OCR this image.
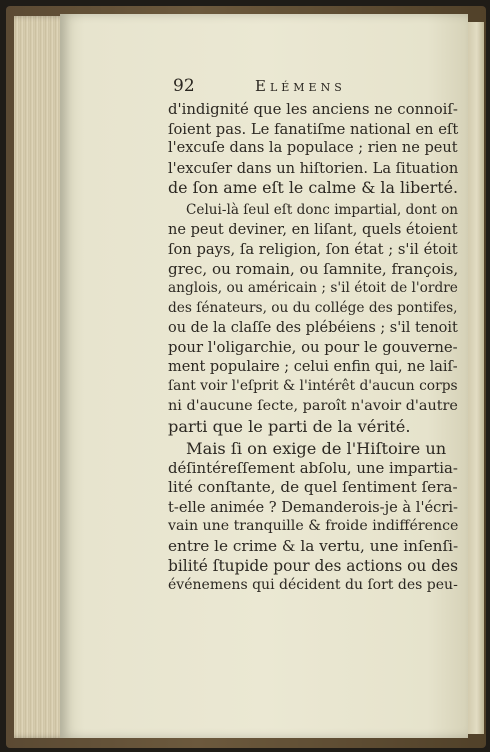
92	Elémens
d'indignité que les anciens ne connoiſ-
ſoient pas. Le fanatiſme national en eſt
l'excuſe dans la populace ; rien ne peut
l'excuſer dans un hiſtorien. La ſituation
de ſon ame eſt le calme & la liberté.
Celui-là ſeul eſt donc impartial, dont on
ne peut deviner, en liſant, quels étoient
ſon pays, ſa religion, ſon état ; s'il étoit
grec, ou romain, ou ſamnite, françois,
anglois, ou américain ; s'il étoit de l'ordre
des ſénateurs, ou du collége des pontifes,
ou de la claſſe des plébéiens ; s'il tenoit
pour l'oligarchie, ou pour le gouverne-
ment populaire ; celui enfin qui, ne laiſ-
ſant voir l'eſprit & l'intérêt d'aucun corps
ni d'aucune ſecte, paroît n'avoir d'autre
parti que le parti de la vérité.
Mais ſi on exige de l'Hiſtoire un
déſintéreſſement abſolu, une impartia-
lité conſtante, de quel ſentiment ſera-
t-elle animée ? Demanderois-je à l'écri-
vain une tranquille & froide indifférence
entre le crime & la vertu, une inſenſi-
bilité ſtupide pour des actions ou des
événemens qui décident du ſort des peu-
